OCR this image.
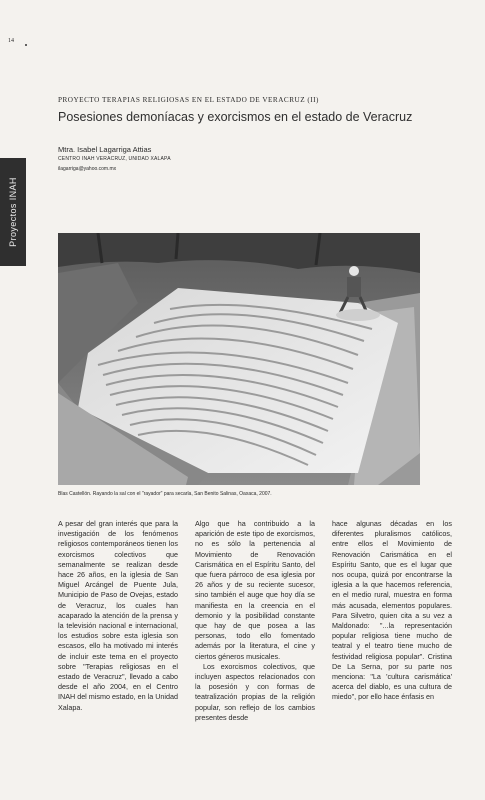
14
Proyectos INAH
PROYECTO TERAPIAS RELIGIOSAS EN EL ESTADO DE VERACRUZ (II)
Posesiones demoníacas y exorcismos en el estado de Veracruz
Mtra. Isabel Lagarriga Attias
CENTRO INAH VERACRUZ, UNIDAD XALAPA
ilagarriga@yahoo.com.mx
Blas Castellón. Rayando la sal con el "rayador" para secarla, San Benito Salinas, Oaxaca, 2007.

A pesar del gran interés que para la investigación de los fenómenos religiosos contemporáneos tienen los exorcismos colectivos que semanalmente se realizan desde hace 26 años, en la iglesia de San Miguel Arcángel de Puente Jula, Municipio de Paso de Ovejas, estado de Veracruz, los cuales han acaparado la atención de la prensa y la televisión nacional e internacional, los estudios sobre esta iglesia son escasos, ello ha motivado mi interés de incluir este tema en el proyecto sobre "Terapias religiosas en el estado de Veracruz", llevado a cabo desde el año 2004, en el Centro INAH del mismo estado, en la Unidad Xalapa.

Algo que ha contribuido a la aparición de este tipo de exorcismos, no es sólo la pertenencia al Movimiento de Renovación Carismática en el Espíritu Santo, del que fuera párroco de esa iglesia por 26 años y de su reciente sucesor, sino también el auge que hoy día se manifiesta en la creencia en el demonio y la posibilidad constante que hay de que posea a las personas, todo ello fomentado además por la literatura, el cine y ciertos géneros musicales.

Los exorcismos colectivos, que incluyen aspectos relacionados con la posesión y con formas de teatralización propias de la religión popular, son reflejo de los cambios presentes desde

hace algunas décadas en los diferentes pluralismos católicos, entre ellos el Movimiento de Renovación Carismática en el Espíritu Santo, que es el lugar que nos ocupa, quizá por encontrarse la iglesia a la que hacemos referencia, en el medio rural, muestra en forma más acusada, elementos populares. Para Silvetro, quien cita a su vez a Maldonado: "...la representación popular religiosa tiene mucho de teatral y el teatro tiene mucho de festividad religiosa popular". Cristina De La Serna, por su parte nos menciona: "La 'cultura carismática' acerca del diablo, es una cultura de miedo", por ello hace énfasis en
